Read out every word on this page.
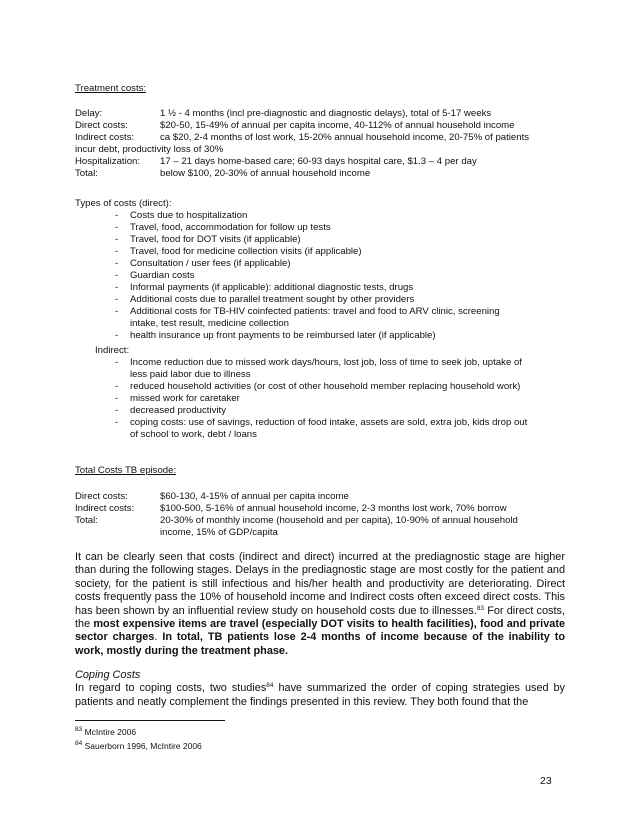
Treatment costs:
Delay:	1 ½ - 4 months (incl pre-diagnostic and diagnostic delays), total of 5-17 weeks
Direct costs:	$20-50, 15-49% of annual per capita income, 40-112% of annual household income
Indirect costs:	ca $20, 2-4 months of lost work, 15-20% annual household income, 20-75% of patients
incur debt, productivity loss of 30%
Hospitalization:	17 – 21 days home-based care; 60-93 days hospital care, $1.3 – 4 per day
Total:	below $100, 20-30% of annual household income
Types of costs (direct):
- Costs due to hospitalization
- Travel, food, accommodation for follow up tests
- Travel, food for DOT visits (if applicable)
- Travel, food for medicine collection visits (if applicable)
- Consultation / user fees (if applicable)
- Guardian costs
- Informal payments (if applicable): additional diagnostic tests, drugs
- Additional costs due to parallel treatment sought by other providers
- Additional costs for TB-HIV coinfected patients: travel and food to ARV clinic, screening
intake, test result, medicine collection
- health insurance up front payments to be reimbursed later (if applicable)
Indirect:
- Income reduction due to missed work days/hours, lost job, loss of time to seek job, uptake of
less paid labor due to illness
- reduced household activities (or cost of other household member replacing household work)
- missed work for caretaker
- decreased productivity
- coping costs: use of savings, reduction of food intake, assets are sold, extra job, kids drop out
of school to work, debt / loans
Total Costs TB episode:
Direct costs:	$60-130, 4-15% of annual per capita income
Indirect costs:	$100-500, 5-16% of annual household income, 2-3 months lost work, 70% borrow
Total:	20-30% of monthly income (household and per capita), 10-90% of annual household
income, 15% of GDP/capita
It can be clearly seen that costs (indirect and direct) incurred at the prediagnostic stage are higher than during the following stages. Delays in the prediagnostic stage are most costly for the patient and society, for the patient is still infectious and his/her health and productivity are deteriorating. Direct costs frequently pass the 10% of household income and Indirect costs often exceed direct costs. This has been shown by an influential review study on household costs due to illnesses.$^{83}$ For direct costs, the most expensive items are travel (especially DOT visits to health facilities), food and private sector charges. In total, TB patients lose 2-4 months of income because of the inability to work, mostly during the treatment phase.
Coping Costs
In regard to coping costs, two studies$^{84}$ have summarized the order of coping strategies used by patients and neatly complement the findings presented in this review. They both found that the
$^{83}$ McIntire 2006
$^{84}$ Sauerborn 1996, McIntire 2006
23
